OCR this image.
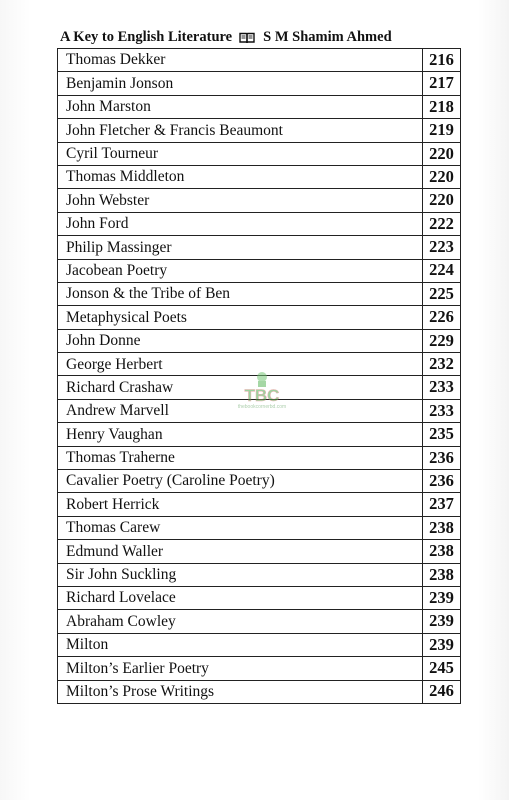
A Key to English Literature S M Shamim Ahmed
Thomas Dekker	216
Benjamin Jonson	217
John Marston	218
John Fletcher & Francis Beaumont	219
Cyril Tourneur	220
Thomas Middleton	220
John Webster	220
John Ford	222
Philip Massinger	223
Jacobean Poetry	224
Jonson & the Tribe of Ben	225
Metaphysical Poets	226
John Donne	229
George Herbert	232
Richard Crashaw	233
Andrew Marvell	233
Henry Vaughan	235
Thomas Traherne	236
Cavalier Poetry (Caroline Poetry)	236
Robert Herrick	237
Thomas Carew	238
Edmund Waller	238
Sir John Suckling	238
Richard Lovelace	239
Abraham Cowley	239
Milton	239
Milton’s Earlier Poetry	245
Milton’s Prose Writings	246
TBC
thebookcornerbd.com
